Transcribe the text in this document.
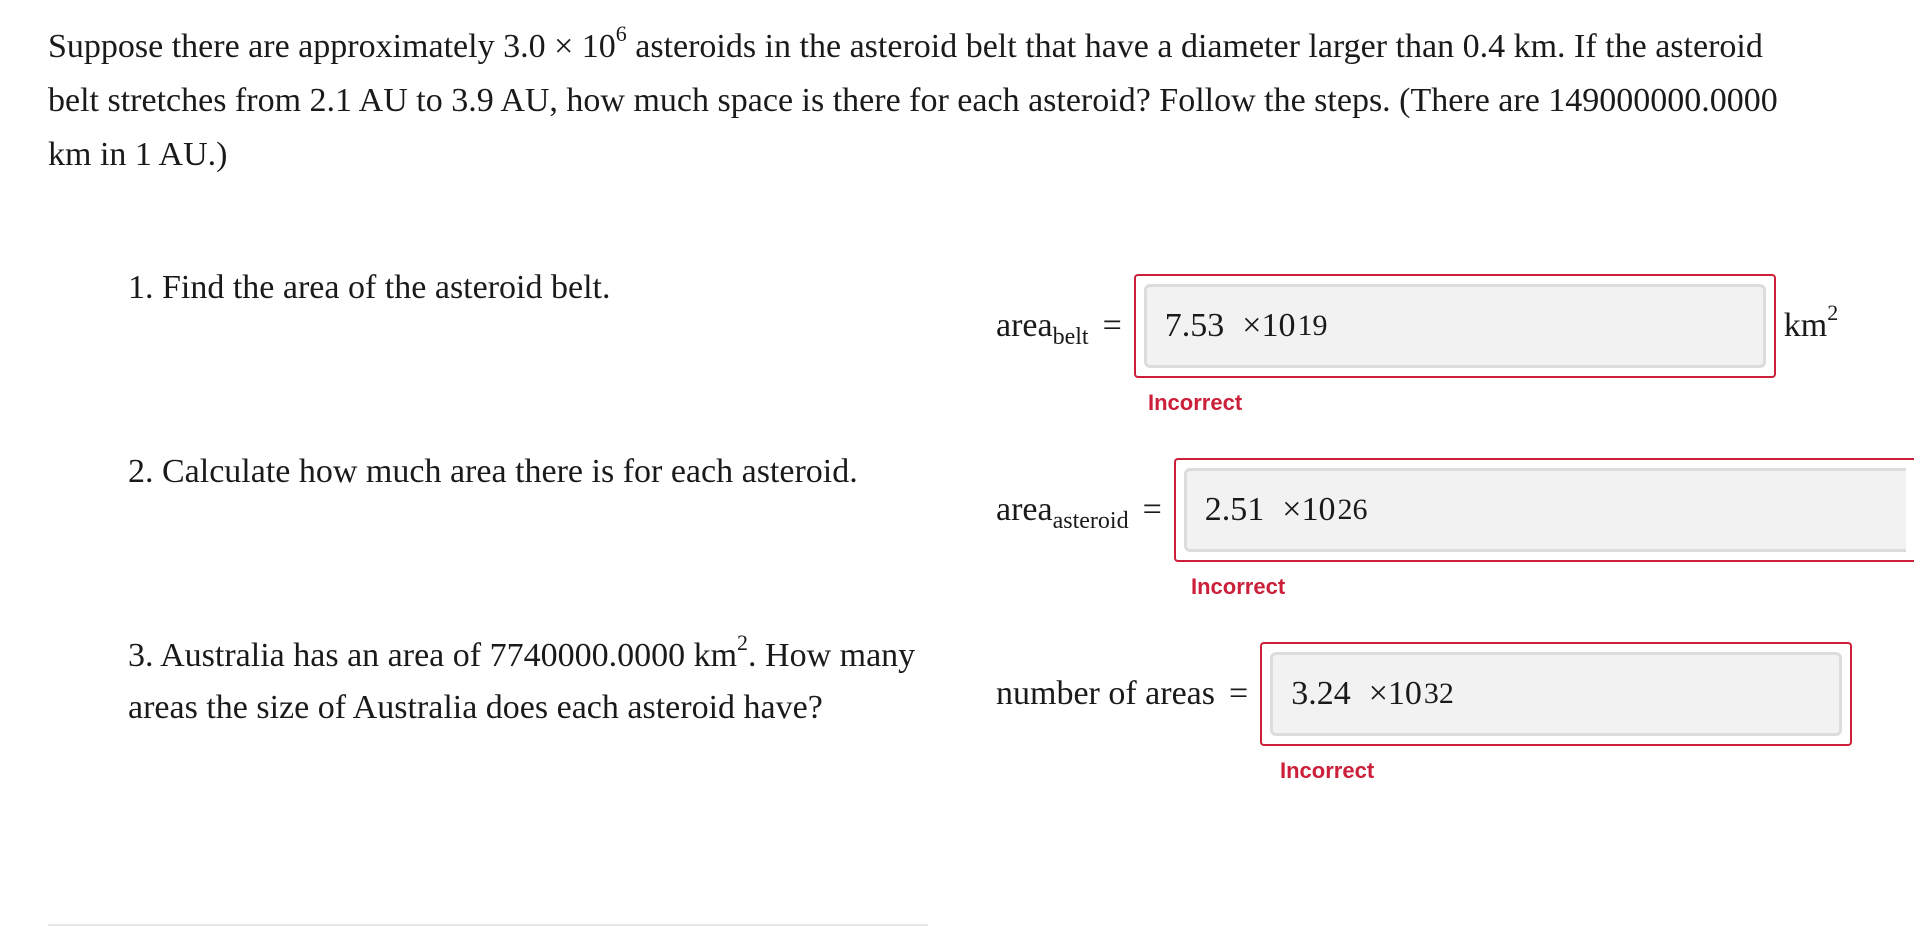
Suppose there are approximately $3.0 \times 10^6$ asteroids in the asteroid belt that have a diameter larger than 0.4 km. If the asteroid belt stretches from 2.1 AU to 3.9 AU, how much space is there for each asteroid? Follow the steps. (There are 149000000.0000 km in 1 AU.)
1. Find the area of the asteroid belt.
area$_{belt}$ = 7.53 ×10 19	$km^2$
Incorrect
2. Calculate how much area there is for each asteroid.
area$_{asteroid}$ = 2.51 ×10 26
Incorrect
3. Australia has an area of 7740000.0000 $km^2$. How many areas the size of Australia does each asteroid have?	number of areas = 3.24 ×10 32
Incorrect
